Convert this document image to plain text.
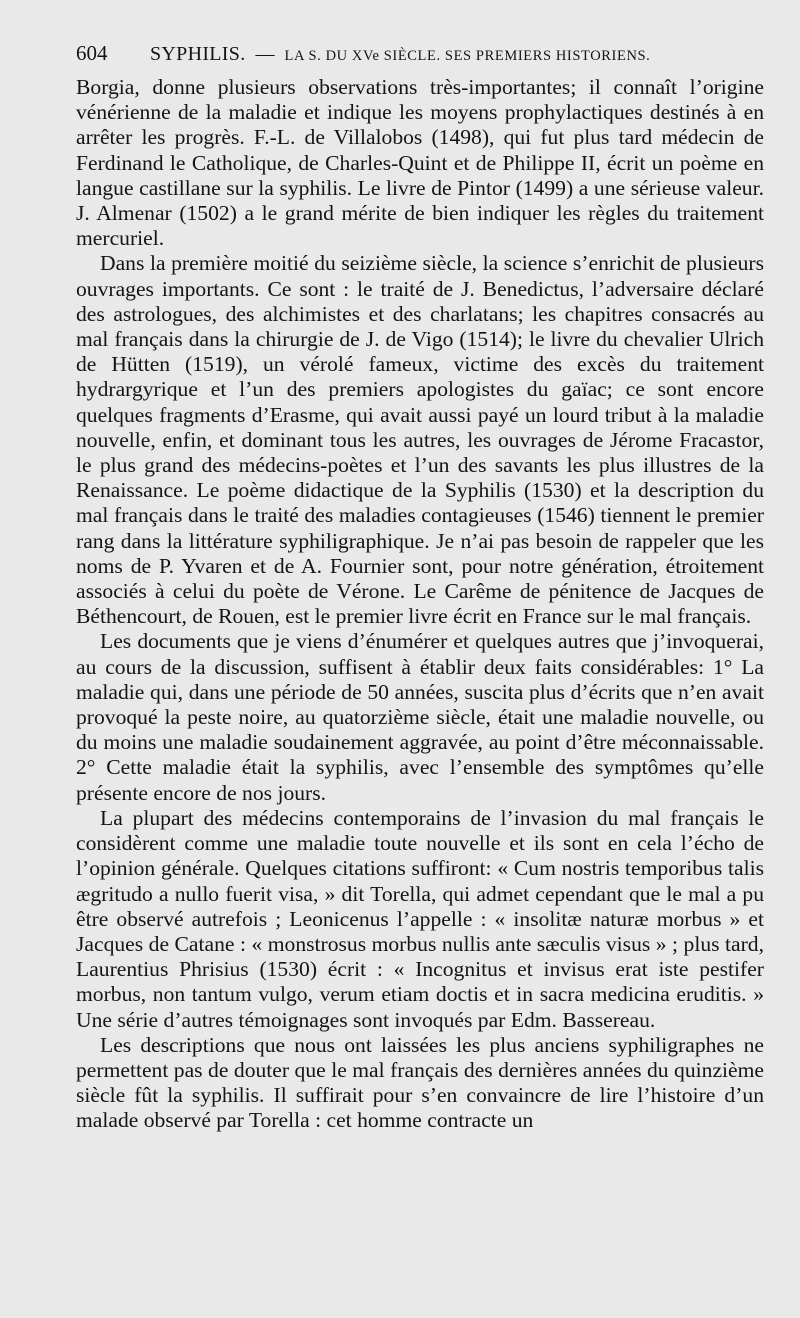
604	SYPHILIS. — LA S. DU XVe SIÈCLE. SES PREMIERS HISTORIENS.

Borgia, donne plusieurs observations très-importantes; il connaît l’origine vénérienne de la maladie et indique les moyens prophylactiques destinés à en arrêter les progrès. F.-L. de Villalobos (1498), qui fut plus tard médecin de Ferdinand le Catholique, de Charles-Quint et de Philippe II, écrit un poème en langue castillane sur la syphilis. Le livre de Pintor (1499) a une sérieuse valeur. J. Almenar (1502) a le grand mérite de bien indiquer les règles du traitement mercuriel.

Dans la première moitié du seizième siècle, la science s’enrichit de plusieurs ouvrages importants. Ce sont : le traité de J. Benedictus, l’adversaire déclaré des astrologues, des alchimistes et des charlatans; les chapitres consacrés au mal français dans la chirurgie de J. de Vigo (1514); le livre du chevalier Ulrich de Hütten (1519), un vérolé fameux, victime des excès du traitement hydrargyrique et l’un des premiers apologistes du gaïac; ce sont encore quelques fragments d’Erasme, qui avait aussi payé un lourd tribut à la maladie nouvelle, enfin, et dominant tous les autres, les ouvrages de Jérome Fracastor, le plus grand des médecins-poètes et l’un des savants les plus illustres de la Renaissance. Le poème didactique de la Syphilis (1530) et la description du mal français dans le traité des maladies contagieuses (1546) tiennent le premier rang dans la littérature syphiligraphique. Je n’ai pas besoin de rappeler que les noms de P. Yvaren et de A. Fournier sont, pour notre génération, étroitement associés à celui du poète de Vérone. Le Carême de pénitence de Jacques de Béthencourt, de Rouen, est le premier livre écrit en France sur le mal français.

Les documents que je viens d’énumérer et quelques autres que j’invoquerai, au cours de la discussion, suffisent à établir deux faits considérables: 1° La maladie qui, dans une période de 50 années, suscita plus d’écrits que n’en avait provoqué la peste noire, au quatorzième siècle, était une maladie nouvelle, ou du moins une maladie soudainement aggravée, au point d’être méconnaissable. 2° Cette maladie était la syphilis, avec l’ensemble des symptômes qu’elle présente encore de nos jours.

La plupart des médecins contemporains de l’invasion du mal français le considèrent comme une maladie toute nouvelle et ils sont en cela l’écho de l’opinion générale. Quelques citations suffiront: « Cum nostris temporibus talis ægritudo a nullo fuerit visa, » dit Torella, qui admet cependant que le mal a pu être observé autrefois ; Leonicenus l’appelle : « insolitæ naturæ morbus » et Jacques de Catane : « monstrosus morbus nullis ante sæculis visus » ; plus tard, Laurentius Phrisius (1530) écrit : « Incognitus et invisus erat iste pestifer morbus, non tantum vulgo, verum etiam doctis et in sacra medicina eruditis. » Une série d’autres témoignages sont invoqués par Edm. Bassereau.

Les descriptions que nous ont laissées les plus anciens syphiligraphes ne permettent pas de douter que le mal français des dernières années du quinzième siècle fût la syphilis. Il suffirait pour s’en convaincre de lire l’histoire d’un malade observé par Torella : cet homme contracte un
